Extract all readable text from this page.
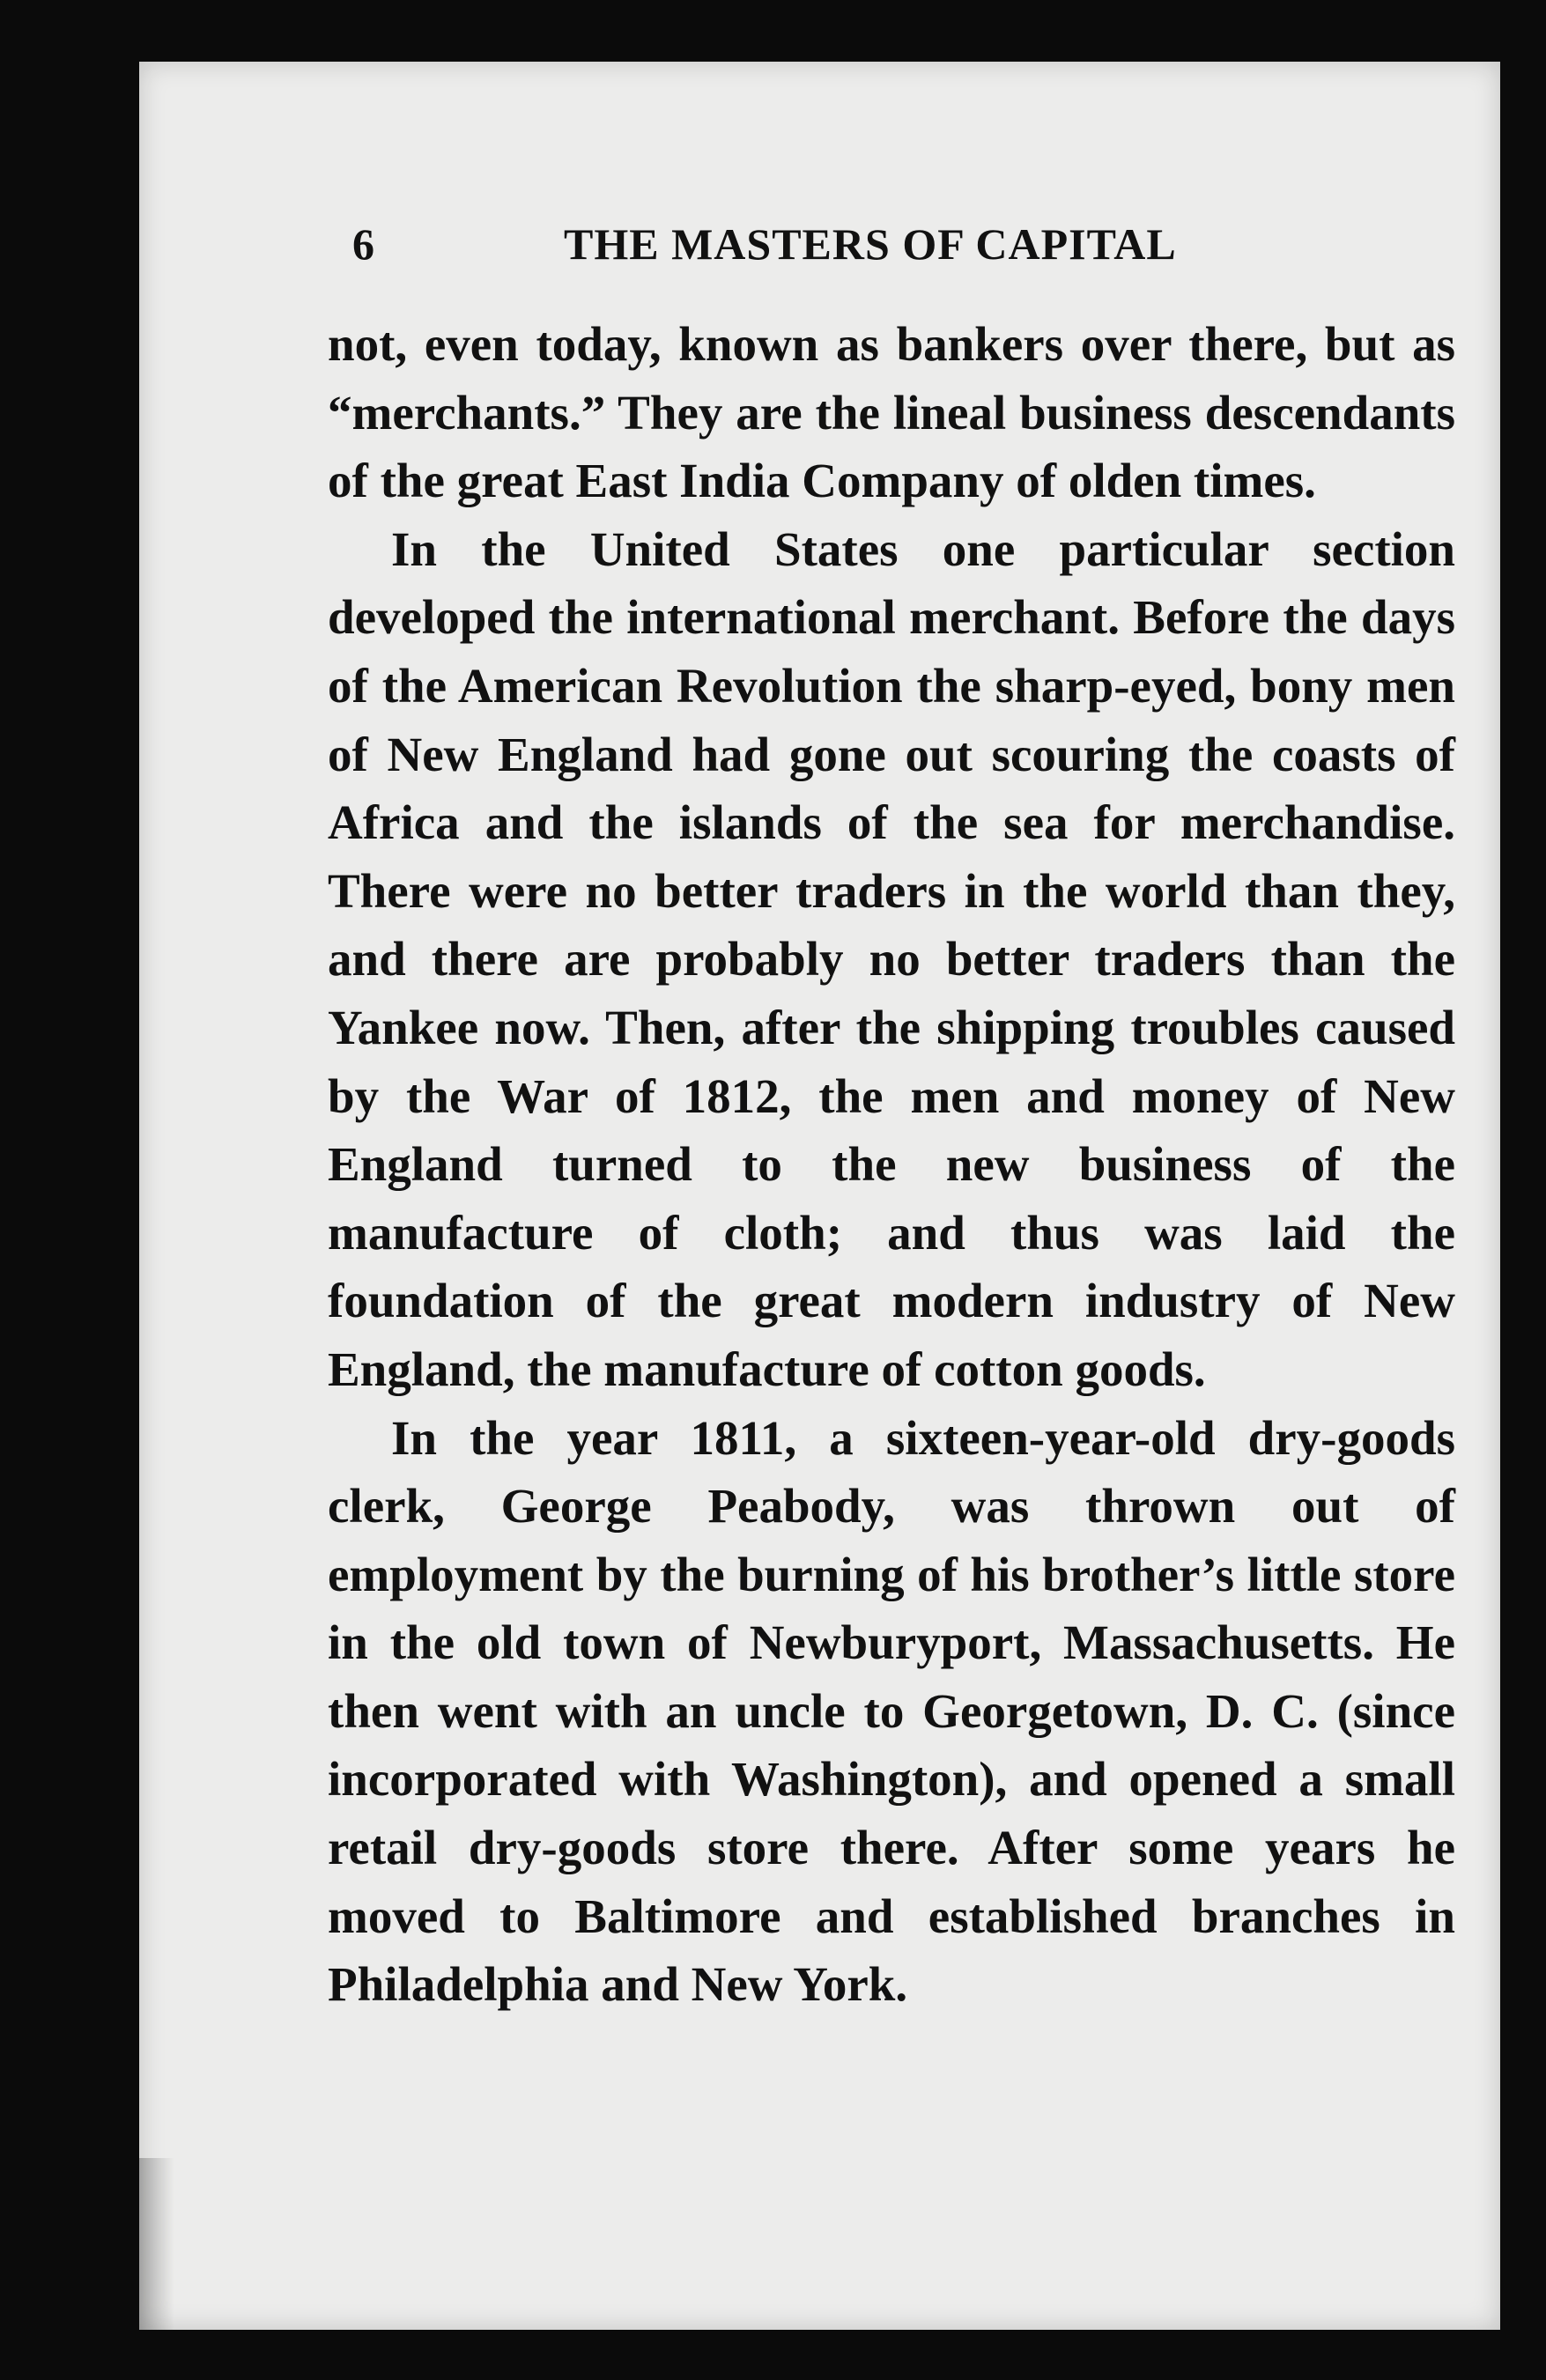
6	THE MASTERS OF CAPITAL

not, even today, known as bankers over there, but as “merchants.” They are the lineal business descendants of the great East India Company of olden times.

In the United States one particular section developed the international merchant. Before the days of the American Revolution the sharp-eyed, bony men of New England had gone out scouring the coasts of Africa and the islands of the sea for merchandise. There were no better traders in the world than they, and there are probably no better traders than the Yankee now. Then, after the shipping troubles caused by the War of 1812, the men and money of New England turned to the new business of the manufacture of cloth; and thus was laid the foundation of the great modern industry of New England, the manufacture of cotton goods.

In the year 1811, a sixteen-year-old dry-goods clerk, George Peabody, was thrown out of employment by the burning of his brother’s little store in the old town of Newburyport, Massachusetts. He then went with an uncle to Georgetown, D. C. (since incorporated with Washington), and opened a small retail dry-goods store there. After some years he moved to Baltimore and established branches in Philadelphia and New York.
